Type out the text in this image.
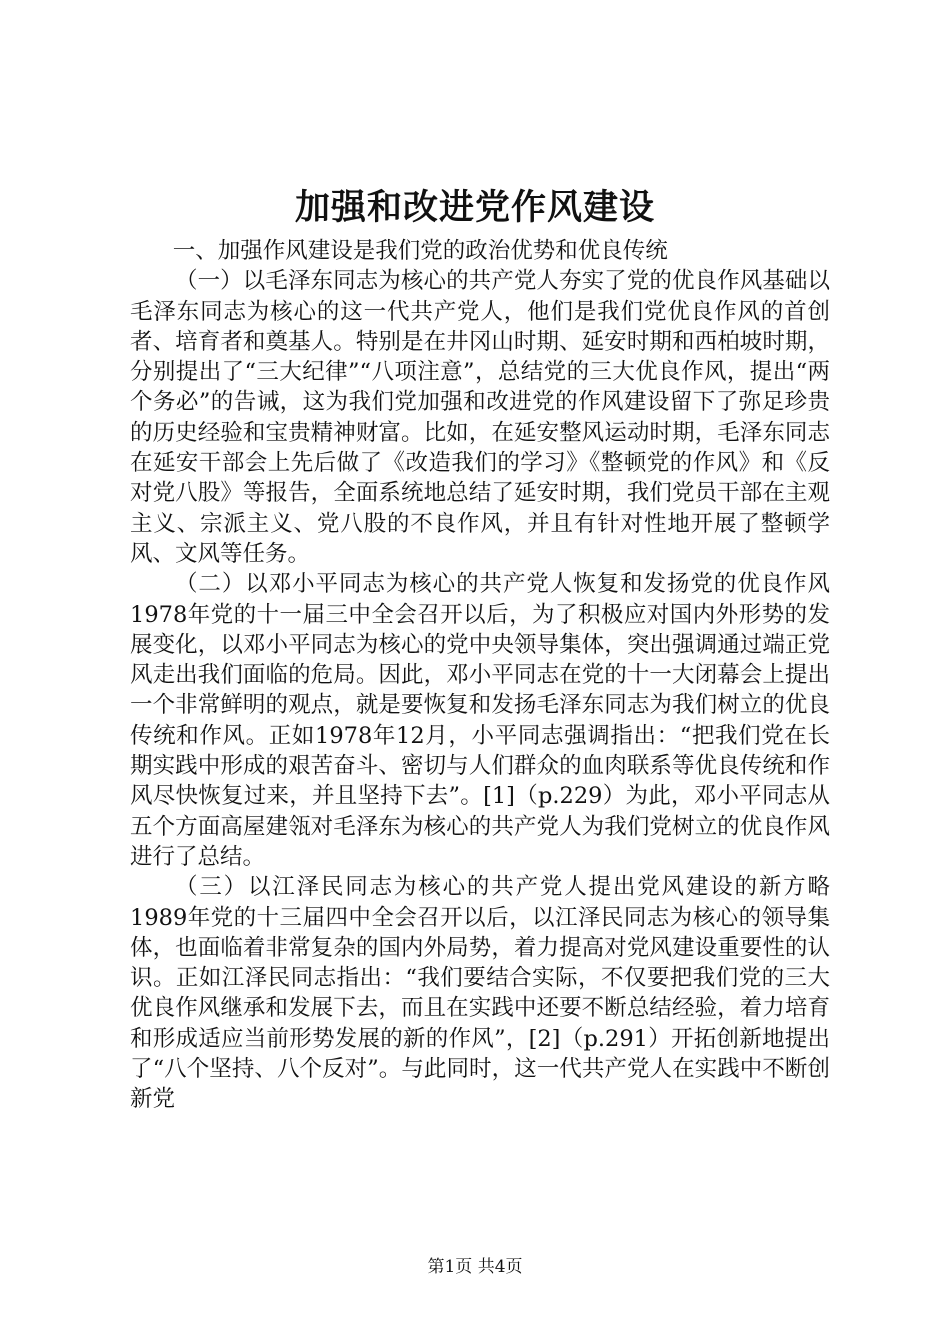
加强和改进党作风建设

一、加强作风建设是我们党的政治优势和优良传统

（一）以毛泽东同志为核心的共产党人夯实了党的优良作风基础以毛泽东同志为核心的这一代共产党人，他们是我们党优良作风的首创者、培育者和奠基人。特别是在井冈山时期、延安时期和西柏坡时期，分别提出了“三大纪律”“八项注意”，总结党的三大优良作风，提出“两个务必”的告诫，这为我们党加强和改进党的作风建设留下了弥足珍贵的历史经验和宝贵精神财富。比如，在延安整风运动时期，毛泽东同志在延安干部会上先后做了《改造我们的学习》《整顿党的作风》和《反对党八股》等报告，全面系统地总结了延安时期，我们党员干部在主观主义、宗派主义、党八股的不良作风，并且有针对性地开展了整顿学风、文风等任务。

（二）以邓小平同志为核心的共产党人恢复和发扬党的优良作风1978年党的十一届三中全会召开以后，为了积极应对国内外形势的发展变化，以邓小平同志为核心的党中央领导集体，突出强调通过端正党风走出我们面临的危局。因此，邓小平同志在党的十一大闭幕会上提出一个非常鲜明的观点，就是要恢复和发扬毛泽东同志为我们树立的优良传统和作风。正如1978年12月，小平同志强调指出：“把我们党在长期实践中形成的艰苦奋斗、密切与人们群众的血肉联系等优良传统和作风尽快恢复过来，并且坚持下去”。[1]（p.229）为此，邓小平同志从五个方面高屋建瓴对毛泽东为核心的共产党人为我们党树立的优良作风进行了总结。

（三）以江泽民同志为核心的共产党人提出党风建设的新方略1989年党的十三届四中全会召开以后，以江泽民同志为核心的领导集体，也面临着非常复杂的国内外局势，着力提高对党风建设重要性的认识。正如江泽民同志指出：“我们要结合实际，不仅要把我们党的三大优良作风继承和发展下去，而且在实践中还要不断总结经验，着力培育和形成适应当前形势发展的新的作风”，[2]（p.291）开拓创新地提出了“八个坚持、八个反对”。与此同时，这一代共产党人在实践中不断创新党

第1页 共4页
